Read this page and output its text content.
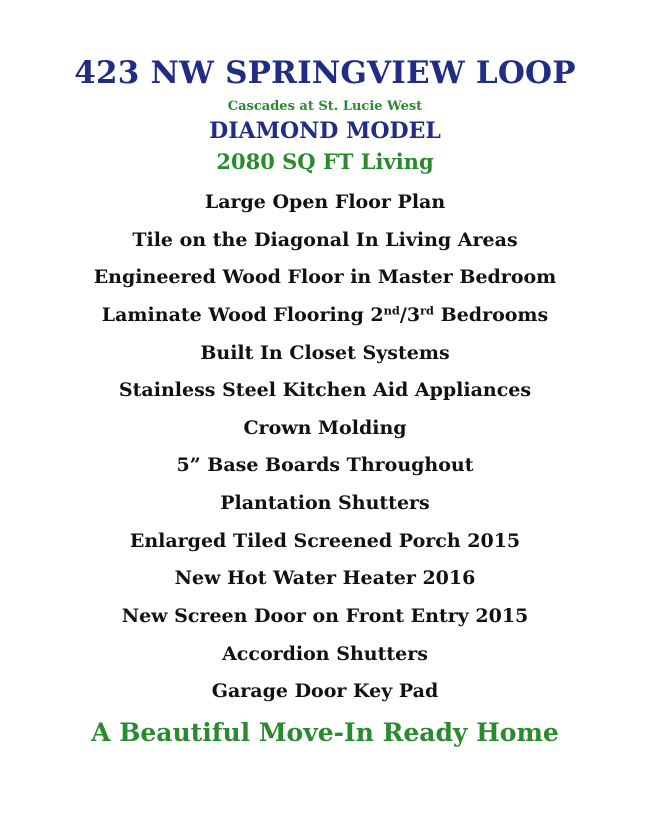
423 NW SPRINGVIEW LOOP
Cascades at St. Lucie West
DIAMOND MODEL
2080 SQ FT Living
Large Open Floor Plan
Tile on the Diagonal In Living Areas
Engineered Wood Floor in Master Bedroom
Laminate Wood Flooring 2nd/3rd Bedrooms
Built In Closet Systems
Stainless Steel Kitchen Aid Appliances
Crown Molding
5” Base Boards Throughout
Plantation Shutters
Enlarged Tiled Screened Porch 2015
New Hot Water Heater 2016
New Screen Door on Front Entry 2015
Accordion Shutters
Garage Door Key Pad
A Beautiful Move-In Ready Home
